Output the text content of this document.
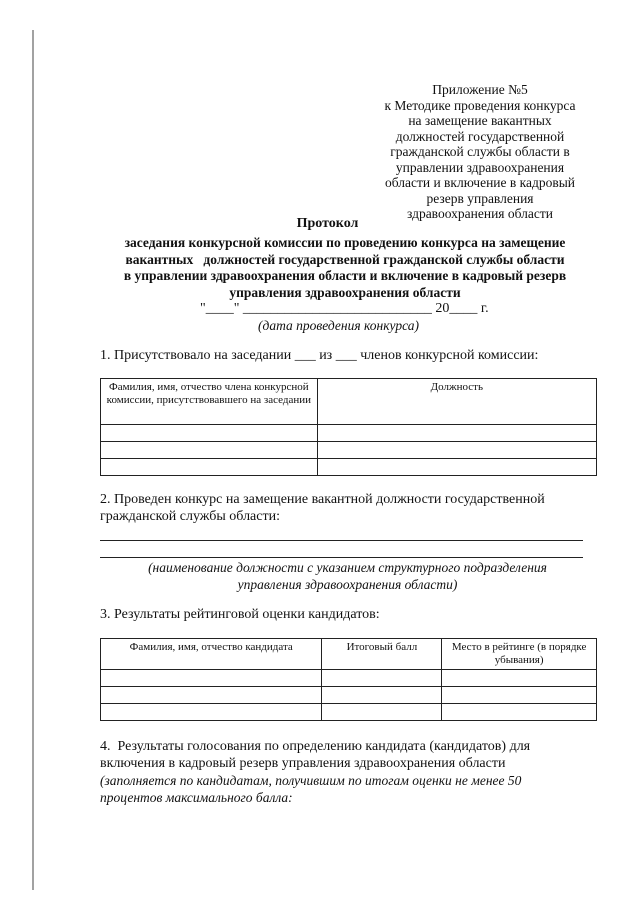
Приложение №5
к Методике проведения конкурса
на замещение вакантных
должностей государственной
гражданской службы области в
управлении здравоохранения
области и включение в кадровый
резерв управления
здравоохранения области
Протокол
заседания конкурсной комиссии по проведению конкурса на замещение
вакантных   должностей государственной гражданской службы области
в управлении здравоохранения области и включение в кадровый резерв
управления здравоохранения области
"____" ___________________________ 20____ г.
(дата проведения конкурса)
1. Присутствовало на заседании ___ из ___ членов конкурсной комиссии:
Фамилия, имя, отчество члена конкурсной комиссии, присутствовавшего на заседании	Должность

2. Проведен конкурс на замещение вакантной должности государственной
гражданской службы области:
(наименование должности с указанием структурного подразделения
управления здравоохранения области)
3. Результаты рейтинговой оценки кандидатов:
Фамилия, имя, отчество кандидата	Итоговый балл	Место в рейтинге (в порядке убывания)

4.  Результаты голосования по определению кандидата (кандидатов) для
включения в кадровый резерв управления здравоохранения области
(заполняется по кандидатам, получившим по итогам оценки не менее 50
процентов максимального балла:
